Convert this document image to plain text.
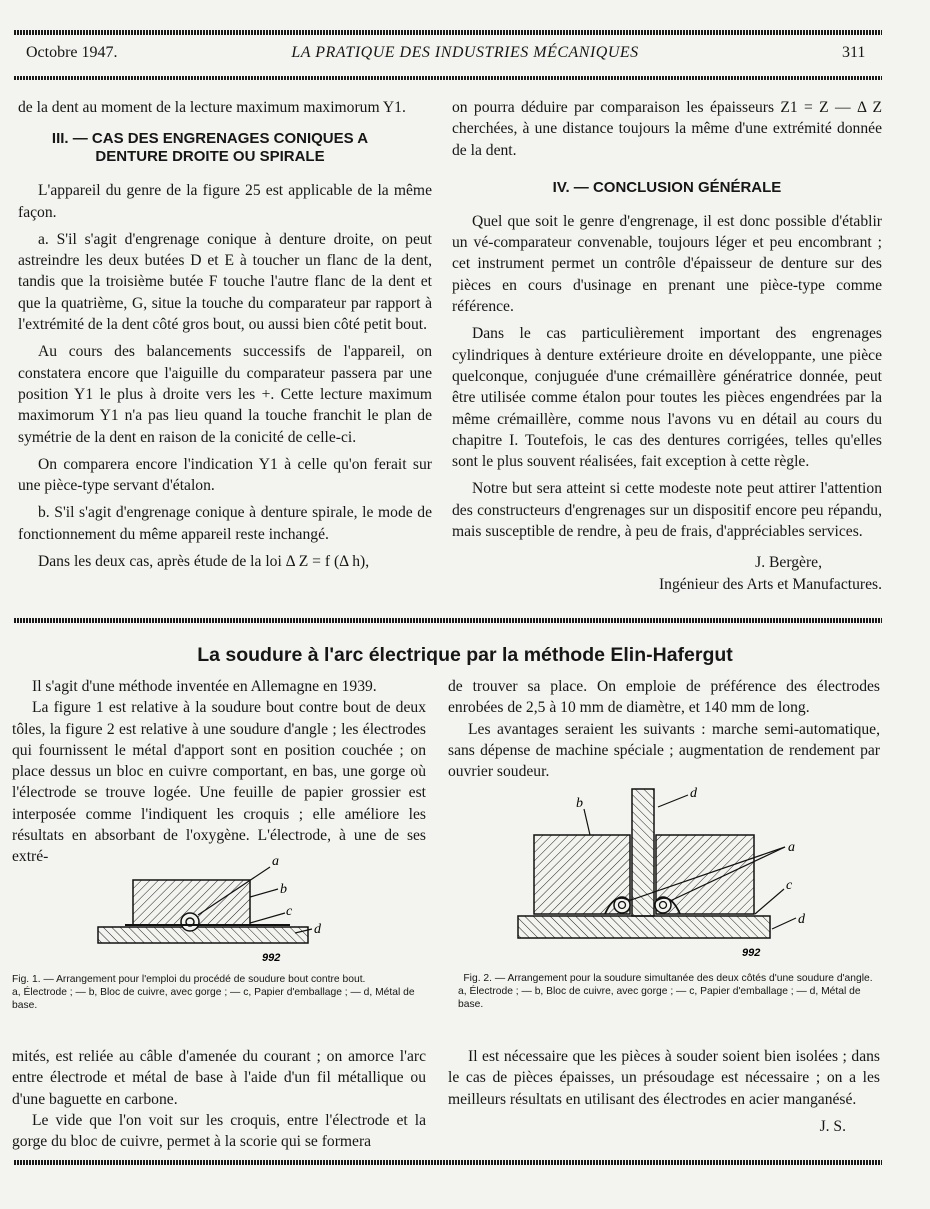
Octobre 1947.	LA PRATIQUE DES INDUSTRIES MÉCANIQUES	311

de la dent au moment de la lecture maximum maximorum Y1.

III. — CAS DES ENGRENAGES CONIQUES A DENTURE DROITE OU SPIRALE

L'appareil du genre de la figure 25 est applicable de la même façon.

a. S'il s'agit d'engrenage conique à denture droite, on peut astreindre les deux butées D et E à toucher un flanc de la dent, tandis que la troisième butée F touche l'autre flanc de la dent et que la quatrième, G, situe la touche du comparateur par rapport à l'extrémité de la dent côté gros bout, ou aussi bien côté petit bout.

Au cours des balancements successifs de l'appareil, on constatera encore que l'aiguille du comparateur passera par une position Y1 le plus à droite vers les +. Cette lecture maximum maximorum Y1 n'a pas lieu quand la touche franchit le plan de symétrie de la dent en raison de la conicité de celle-ci.

On comparera encore l'indication Y1 à celle qu'on ferait sur une pièce-type servant d'étalon.

b. S'il s'agit d'engrenage conique à denture spirale, le mode de fonctionnement du même appareil reste inchangé.

Dans les deux cas, après étude de la loi Δ Z = f (Δ h),

on pourra déduire par comparaison les épaisseurs Z1 = Z — Δ Z cherchées, à une distance toujours la même d'une extrémité donnée de la dent.

IV. — CONCLUSION GÉNÉRALE

Quel que soit le genre d'engrenage, il est donc possible d'établir un vé-comparateur convenable, toujours léger et peu encombrant ; cet instrument permet un contrôle d'épaisseur de denture sur des pièces en cours d'usinage en prenant une pièce-type comme référence.

Dans le cas particulièrement important des engrenages cylindriques à denture extérieure droite en développante, une pièce quelconque, conjuguée d'une crémaillère génératrice donnée, peut être utilisée comme étalon pour toutes les pièces engendrées par la même crémaillère, comme nous l'avons vu en détail au cours du chapitre I. Toutefois, le cas des dentures corrigées, telles qu'elles sont le plus souvent réalisées, fait exception à cette règle.

Notre but sera atteint si cette modeste note peut attirer l'attention des constructeurs d'engrenages sur un dispositif encore peu répandu, mais susceptible de rendre, à peu de frais, d'appréciables services.

J. Bergère,
Ingénieur des Arts et Manufactures.
La soudure à l'arc électrique par la méthode Elin-Hafergut

Il s'agit d'une méthode inventée en Allemagne en 1939.

La figure 1 est relative à la soudure bout contre bout de deux tôles, la figure 2 est relative à une soudure d'angle ; les électrodes qui fournissent le métal d'apport sont en position couchée ; on place dessus un bloc en cuivre comportant, en bas, une gorge où l'électrode se trouve logée. Une feuille de papier grossier est interposée comme l'indiquent les croquis ; elle améliore les résultats en absorbant de l'oxygène. L'électrode, à une de ses extré-

de trouver sa place. On emploie de préférence des électrodes enrobées de 2,5 à 10 mm de diamètre, et 140 mm de long.

Les avantages seraient les suivants : marche semi-automatique, sans dépense de machine spéciale ; augmentation de rendement par ouvrier soudeur.

a
b
c
d
992
Fig. 1. — Arrangement pour l'emploi du procédé de soudure bout contre bout.
a, Électrode ; — b, Bloc de cuivre, avec gorge ; — c, Papier d'emballage ; — d, Métal de base.
d
b
a
c
d
992
Fig. 2. — Arrangement pour la soudure simultanée des deux côtés d'une soudure d'angle.
a, Électrode ; — b, Bloc de cuivre, avec gorge ; — c, Papier d'emballage ; — d, Métal de base.

mités, est reliée au câble d'amenée du courant ; on amorce l'arc entre électrode et métal de base à l'aide d'un fil métallique ou d'une baguette en carbone.

Le vide que l'on voit sur les croquis, entre l'électrode et la gorge du bloc de cuivre, permet à la scorie qui se formera

Il est nécessaire que les pièces à souder soient bien isolées ; dans le cas de pièces épaisses, un présoudage est nécessaire ; on a les meilleurs résultats en utilisant des électrodes en acier manganésé.

J. S.
